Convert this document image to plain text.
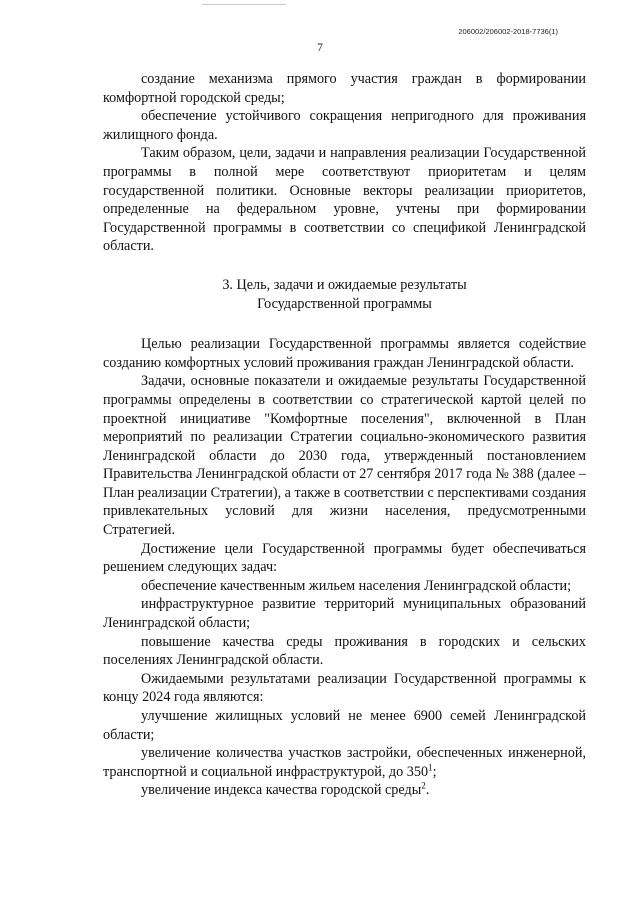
206002/206002-2018-7736(1)
7

создание механизма прямого участия граждан в формировании комфортной городской среды;

обеспечение устойчивого сокращения непригодного для проживания жилищного фонда.

Таким образом, цели, задачи и направления реализации Государственной программы в полной мере соответствуют приоритетам и целям государственной политики. Основные векторы реализации приоритетов, определенные на федеральном уровне, учтены при формировании Государственной программы в соответствии со спецификой Ленинградской области.

3. Цель, задачи и ожидаемые результаты

Государственной программы

Целью реализации Государственной программы является содействие созданию комфортных условий проживания граждан Ленинградской области.

Задачи, основные показатели и ожидаемые результаты Государственной программы определены в соответствии со стратегической картой целей по проектной инициативе "Комфортные поселения", включенной в План мероприятий по реализации Стратегии социально-экономического развития Ленинградской области до 2030 года, утвержденный постановлением Правительства Ленинградской области от 27 сентября 2017 года № 388 (далее – План реализации Стратегии), а также в соответствии с перспективами создания привлекательных условий для жизни населения, предусмотренными Стратегией.

Достижение цели Государственной программы будет обеспечиваться решением следующих задач:

обеспечение качественным жильем населения Ленинградской области;

инфраструктурное развитие территорий муниципальных образований Ленинградской области;

повышение качества среды проживания в городских и сельских поселениях Ленинградской области.

Ожидаемыми результатами реализации Государственной программы к концу 2024 года являются:

улучшение жилищных условий не менее 6900 семей Ленинградской области;

увеличение количества участков застройки, обеспеченных инженерной, транспортной и социальной инфраструктурой, до $350^1$;

увеличение индекса качества городской среды$^2$.
